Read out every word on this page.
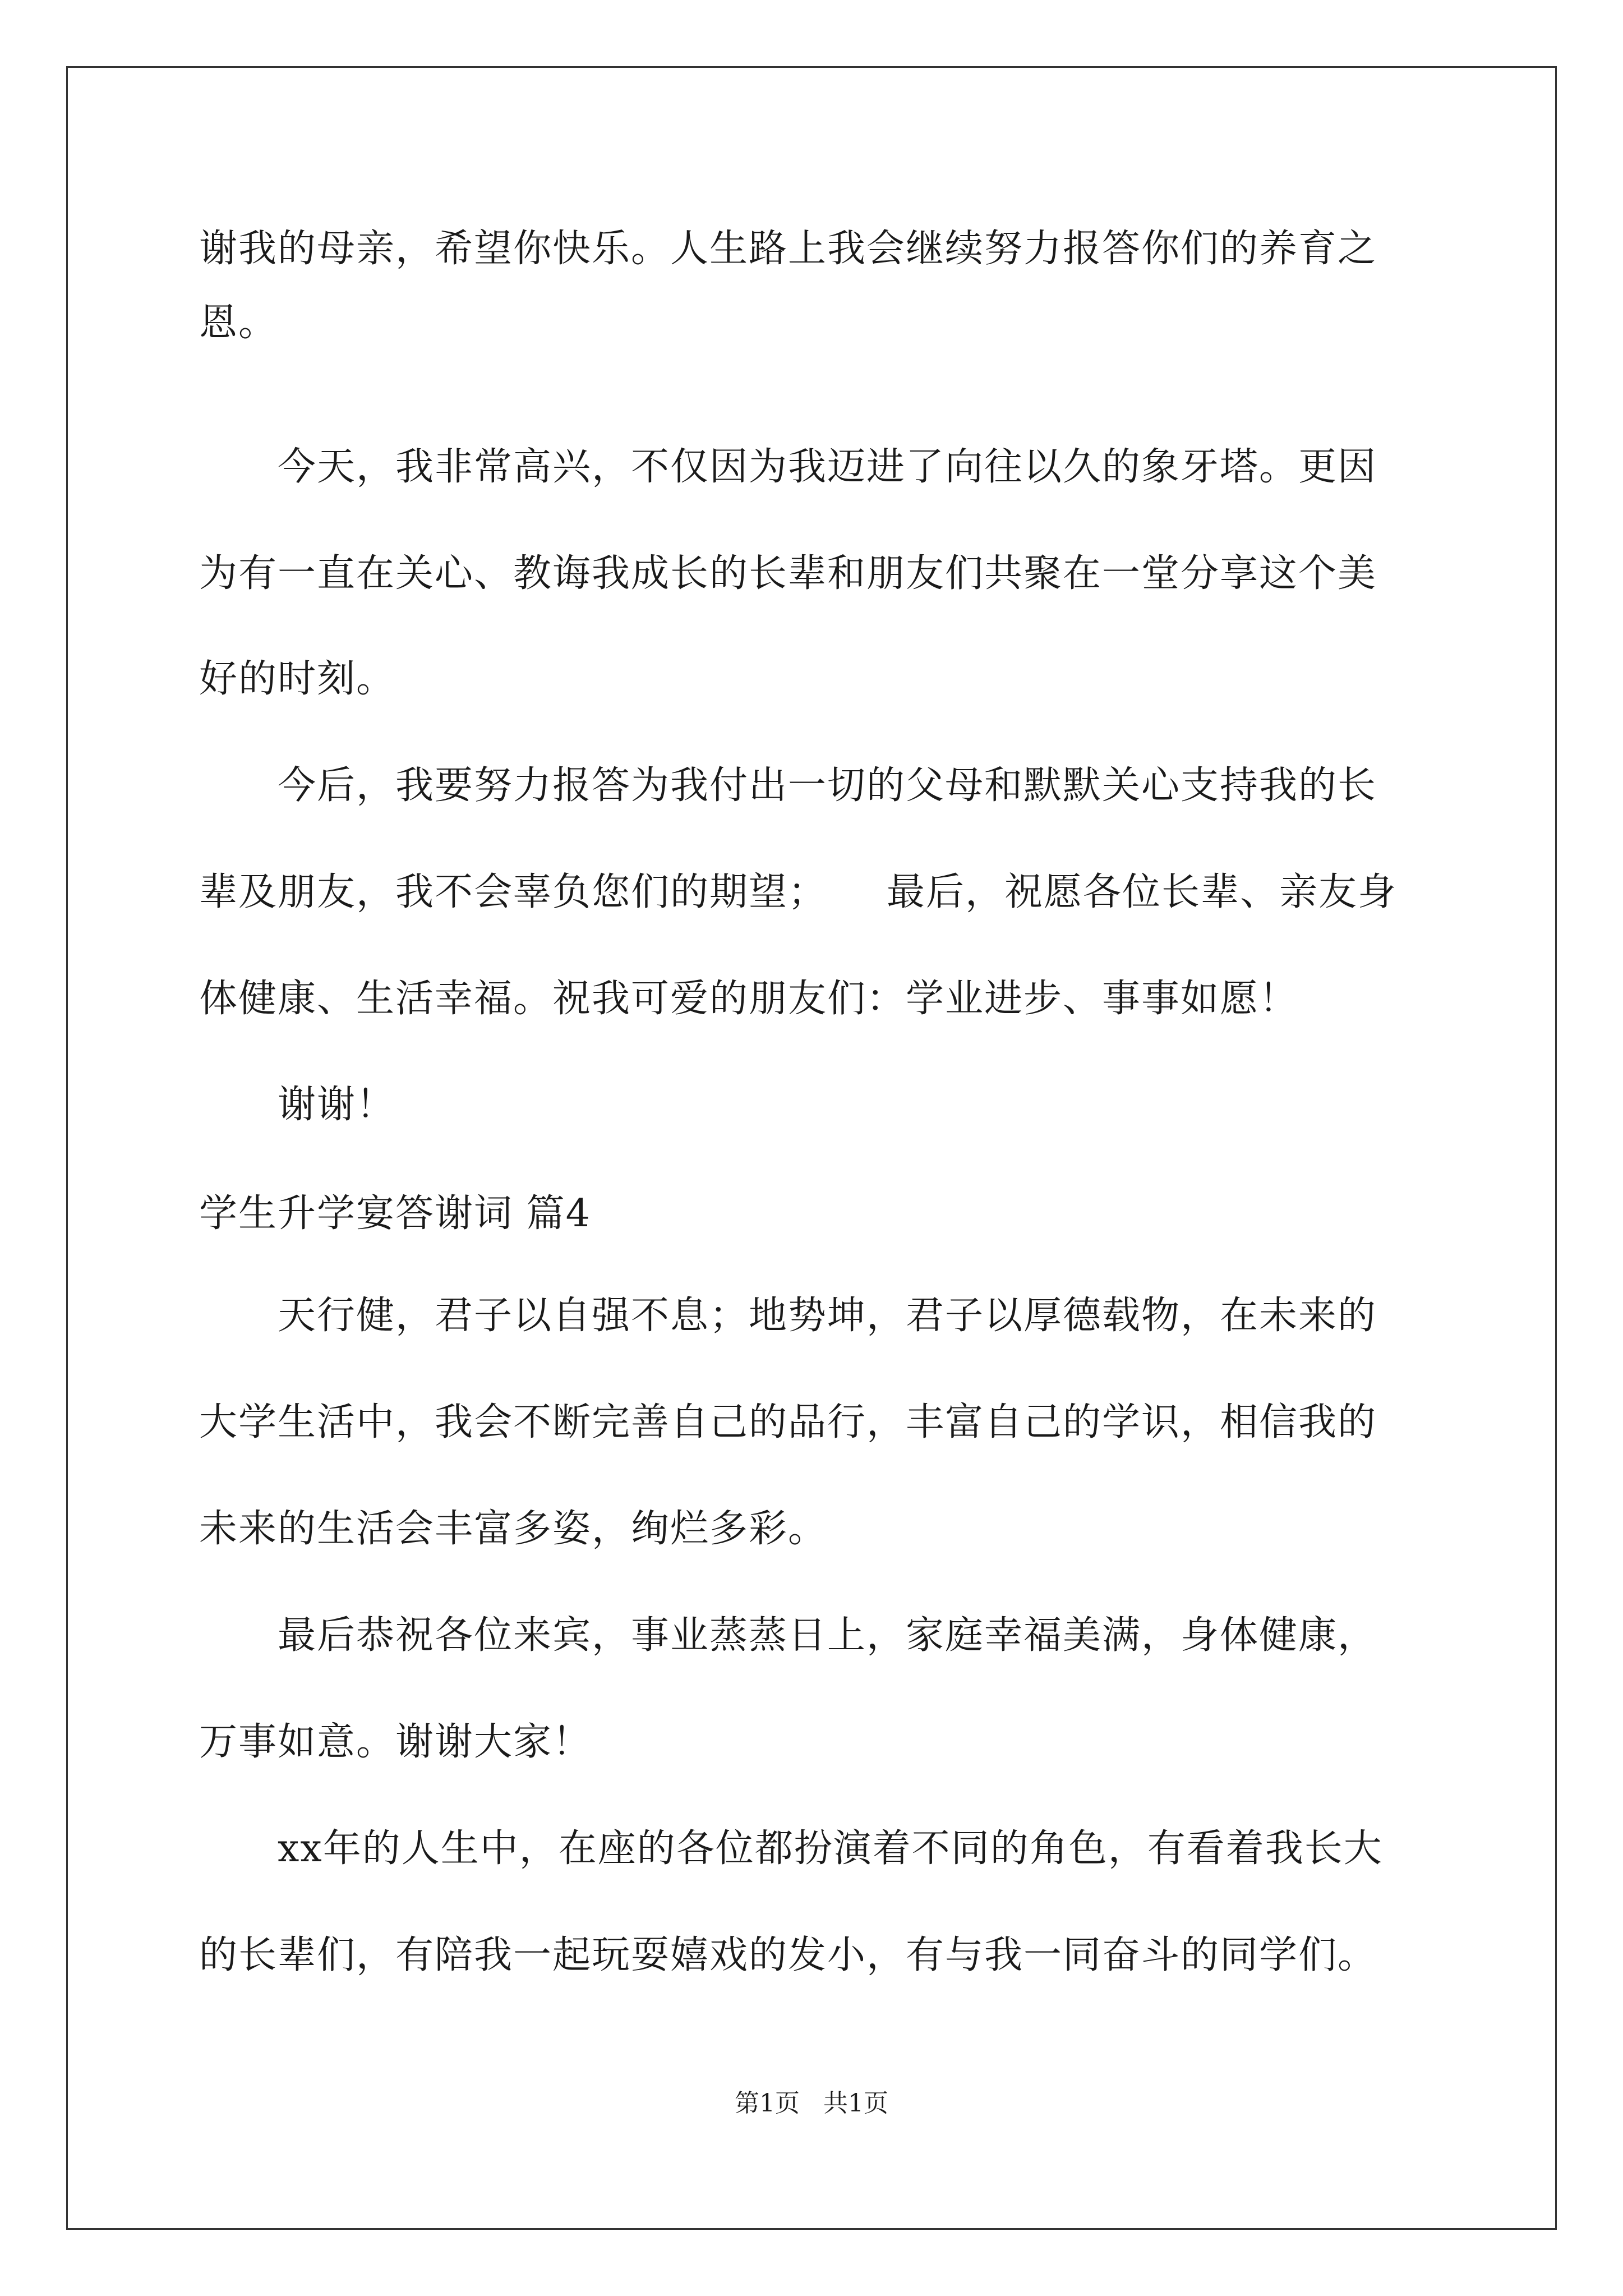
谢我的母亲，希望你快乐。人生路上我会继续努力报答你们的养育之
恩。
　　今天，我非常高兴，不仅因为我迈进了向往以久的象牙塔。更因
为有一直在关心、教诲我成长的长辈和朋友们共聚在一堂分享这个美
好的时刻。
　　今后，我要努力报答为我付出一切的父母和默默关心支持我的长
辈及朋友，我不会辜负您们的期望；　　最后，祝愿各位长辈、亲友身
体健康、生活幸福。祝我可爱的朋友们：学业进步、事事如愿！
　　谢谢！
学生升学宴答谢词 篇4
　　天行健，君子以自强不息；地势坤，君子以厚德载物，在未来的
大学生活中，我会不断完善自己的品行，丰富自己的学识，相信我的
未来的生活会丰富多姿，绚烂多彩。
　　最后恭祝各位来宾，事业蒸蒸日上，家庭幸福美满，身体健康，
万事如意。谢谢大家！
　　xx年的人生中，在座的各位都扮演着不同的角色，有看着我长大
的长辈们，有陪我一起玩耍嬉戏的发小，有与我一同奋斗的同学们。
第1页 共1页
